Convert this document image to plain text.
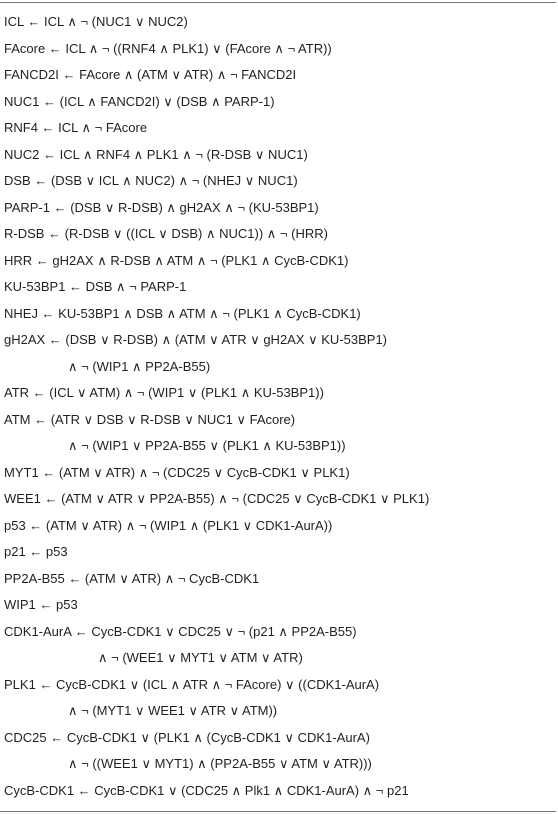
ICL ← ICL ∧ ¬ (NUC1 ∨ NUC2)
FAcore ← ICL ∧ ¬ ((RNF4 ∧ PLK1) ∨ (FAcore ∧ ¬ ATR))
FANCD2I ← FAcore ∧ (ATM ∨ ATR) ∧ ¬ FANCD2I
NUC1 ← (ICL ∧ FANCD2I) ∨ (DSB ∧ PARP-1)
RNF4 ← ICL ∧ ¬ FAcore
NUC2 ← ICL ∧ RNF4 ∧ PLK1 ∧ ¬ (R-DSB ∨ NUC1)
DSB ← (DSB ∨ ICL ∧ NUC2) ∧ ¬ (NHEJ ∨ NUC1)
PARP-1 ← (DSB ∨ R-DSB) ∧ gH2AX ∧ ¬ (KU-53BP1)
R-DSB ← (R-DSB ∨ ((ICL ∨ DSB) ∧ NUC1)) ∧ ¬ (HRR)
HRR ← gH2AX ∧ R-DSB ∧ ATM ∧ ¬ (PLK1 ∧ CycB-CDK1)
KU-53BP1 ← DSB ∧ ¬ PARP-1
NHEJ ← KU-53BP1 ∧ DSB ∧ ATM ∧ ¬ (PLK1 ∧ CycB-CDK1)
gH2AX ← (DSB ∨ R-DSB) ∧ (ATM ∨ ATR ∨ gH2AX ∨ KU-53BP1)
∧ ¬ (WIP1 ∧ PP2A-B55)
ATR ← (ICL ∨ ATM) ∧ ¬ (WIP1 ∨ (PLK1 ∧ KU-53BP1))
ATM ← (ATR ∨ DSB ∨ R-DSB ∨ NUC1 ∨ FAcore)
∧ ¬ (WIP1 ∨ PP2A-B55 ∨ (PLK1 ∧ KU-53BP1))
MYT1 ← (ATM ∨ ATR) ∧ ¬ (CDC25 ∨ CycB-CDK1 ∨ PLK1)
WEE1 ← (ATM ∨ ATR ∨ PP2A-B55) ∧ ¬ (CDC25 ∨ CycB-CDK1 ∨ PLK1)
p53 ← (ATM ∨ ATR) ∧ ¬ (WIP1 ∧ (PLK1 ∨ CDK1-AurA))
p21 ← p53
PP2A-B55 ← (ATM ∨ ATR) ∧ ¬ CycB-CDK1
WIP1 ← p53
CDK1-AurA ← CycB-CDK1 ∨ CDC25 ∨ ¬ (p21 ∧ PP2A-B55)
∧ ¬ (WEE1 ∨ MYT1 ∨ ATM ∨ ATR)
PLK1 ← CycB-CDK1 ∨ (ICL ∧ ATR ∧ ¬ FAcore) ∨ ((CDK1-AurA)
∧ ¬ (MYT1 ∨ WEE1 ∨ ATR ∨ ATM))
CDC25 ← CycB-CDK1 ∨ (PLK1 ∧ (CycB-CDK1 ∨ CDK1-AurA)
∧ ¬ ((WEE1 ∨ MYT1) ∧ (PP2A-B55 ∨ ATM ∨ ATR)))
CycB-CDK1 ← CycB-CDK1 ∨ (CDC25 ∧ Plk1 ∧ CDK1-AurA) ∧ ¬ p21
